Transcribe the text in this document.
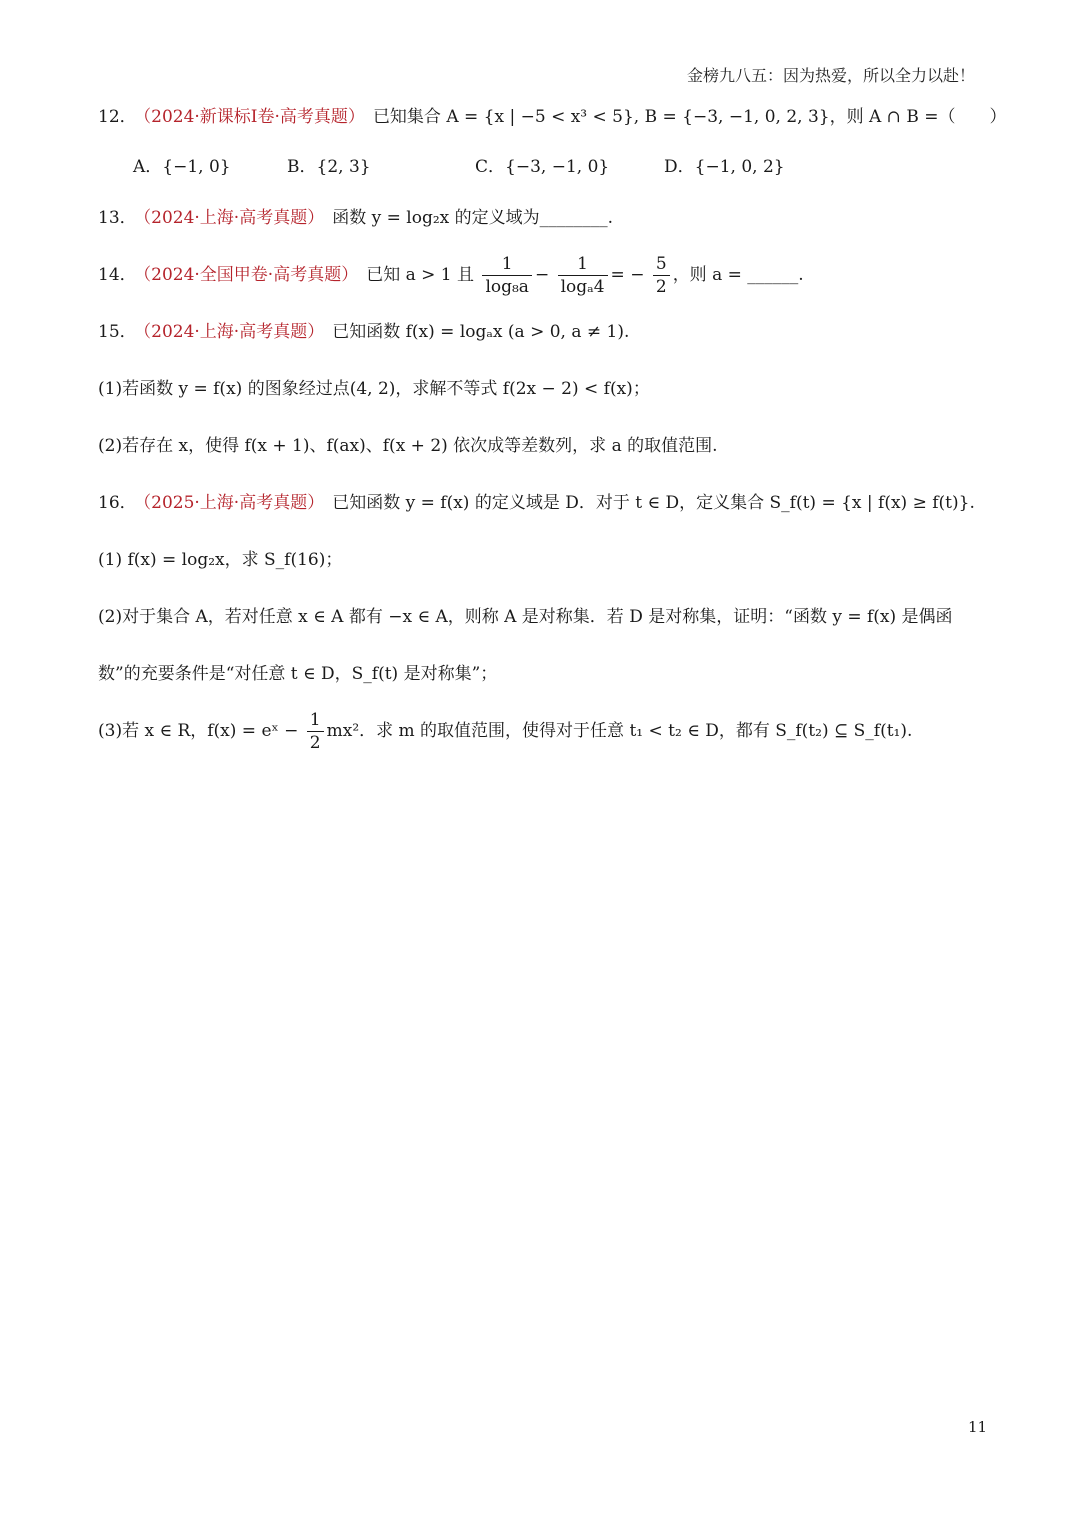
金榜九八五：因为热爱，所以全力以赴！
12． （2024·新课标I卷·高考真题） 已知集合 A = {x | −5 < x³ < 5}, B = {−3, −1, 0, 2, 3}，则 A ∩ B =（　　）
A．{−1, 0}	B．{2, 3}	C．{−3, −1, 0}	D．{−1, 0, 2}
13． （2024·上海·高考真题） 函数 y = log₂x 的定义域为________.
14． （2024·全国甲卷·高考真题） 已知 a > 1 且 $\frac{1}{\text{log₈a}} - \frac{1}{\text{logₐ4}}$ = − $\frac{5}{2}$ ，则 a = ______.
15． （2024·上海·高考真题） 已知函数 f(x) = logₐx (a > 0, a ≠ 1).
(1)若函数 y = f(x) 的图象经过点(4, 2)，求解不等式 f(2x − 2) < f(x)；
(2)若存在 x，使得 f(x + 1)、f(ax)、f(x + 2) 依次成等差数列，求 a 的取值范围.
16． （2025·上海·高考真题） 已知函数 y = f(x) 的定义域是 D．对于 t ∈ D，定义集合 S_f(t) = {x | f(x) ≥ f(t)}.
(1) f(x) = log₂x，求 S_f(16)；
(2)对于集合 A，若对任意 x ∈ A 都有 −x ∈ A，则称 A 是对称集．若 D 是对称集，证明：“函数 y = f(x) 是偶函
数”的充要条件是“对任意 t ∈ D，S_f(t) 是对称集”；
(3)若 x ∈ R，f(x) = eˣ − $\frac{1}{2} mx^2$．求 m 的取值范围，使得对于任意 t₁ < t₂ ∈ D，都有 S_f(t₂) ⊆ S_f(t₁).
11
